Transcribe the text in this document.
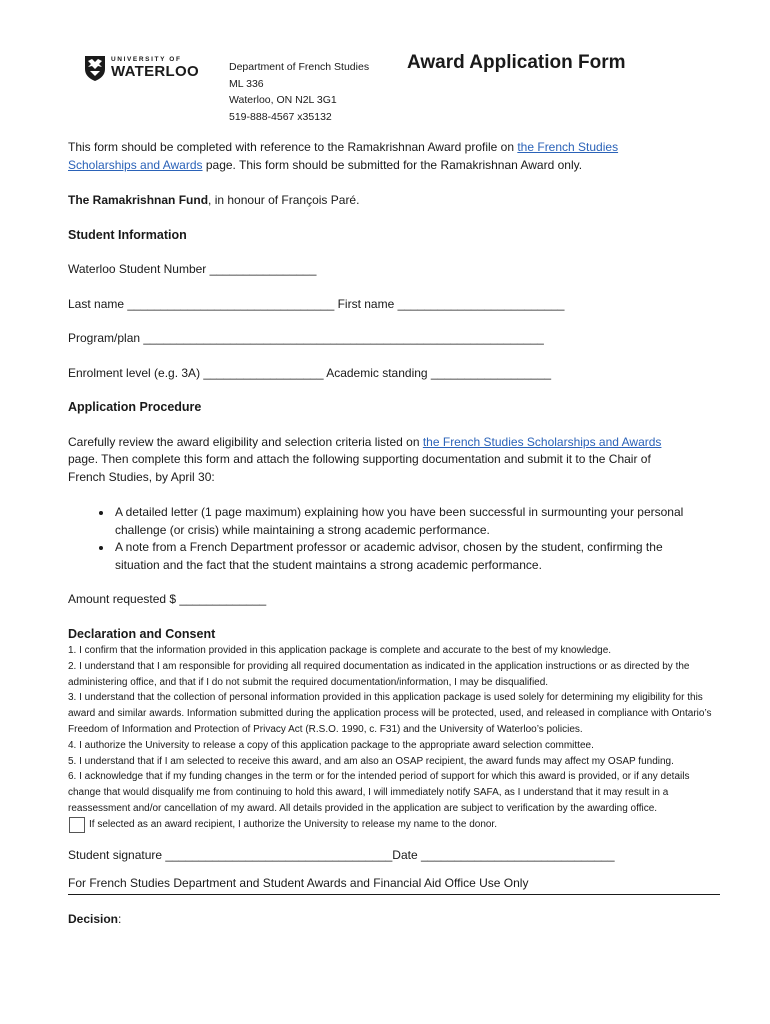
UNIVERSITY OF
WATERLOO	Department of French Studies
ML 336
Waterloo, ON N2L 3G1
519-888-4567 x35132
Award Application Form

This form should be completed with reference to the Ramakrishnan Award profile on the French Studies
Scholarships and Awards page. This form should be submitted for the Ramakrishnan Award only.

The Ramakrishnan Fund, in honour of François Paré.

Student Information

Waterloo Student Number ________________

Last name _______________________________ First name _________________________

Program/plan ____________________________________________________________

Enrolment level (e.g. 3A) __________________ Academic standing __________________

Application Procedure

Carefully review the award eligibility and selection criteria listed on the French Studies Scholarships and Awards
page. Then complete this form and attach the following supporting documentation and submit it to the Chair of
French Studies, by April 30:

• A detailed letter (1 page maximum) explaining how you have been successful in surmounting your personal
challenge (or crisis) while maintaining a strong academic performance.
• A note from a French Department professor or academic advisor, chosen by the student, confirming the
situation and the fact that the student maintains a strong academic performance.

Amount requested $ _____________

Declaration and Consent

1. I confirm that the information provided in this application package is complete and accurate to the best of my knowledge.

2. I understand that I am responsible for providing all required documentation as indicated in the application instructions or as directed by the administering office, and that if I do not submit the required documentation/information, I may be disqualified.

3. I understand that the collection of personal information provided in this application package is used solely for determining my eligibility for this award and similar awards. Information submitted during the application process will be protected, used, and released in compliance with Ontario’s Freedom of Information and Protection of Privacy Act (R.S.O. 1990, c. F31) and the University of Waterloo’s policies.

4. I authorize the University to release a copy of this application package to the appropriate award selection committee.

5. I understand that if I am selected to receive this award, and am also an OSAP recipient, the award funds may affect my OSAP funding.

6. I acknowledge that if my funding changes in the term or for the intended period of support for which this award is provided, or if any details change that would disqualify me from continuing to hold this award, I will immediately notify SAFA, as I understand that it may result in a reassessment and/or cancellation of my award. All details provided in the application are subject to verification by the awarding office.

If selected as an award recipient, I authorize the University to release my name to the donor.

Student signature __________________________________Date _____________________________

For French Studies Department and Student Awards and Financial Aid Office Use Only

Decision:
